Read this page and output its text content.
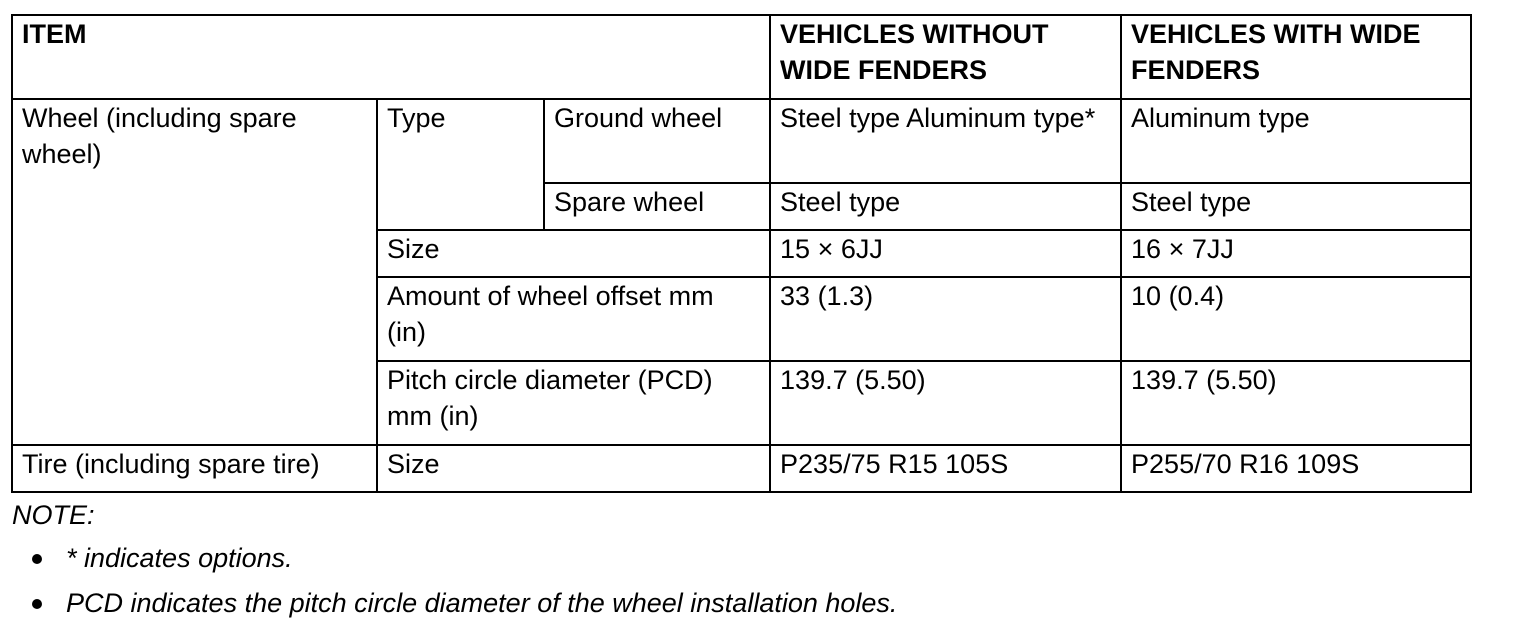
ITEM			VEHICLES WITHOUT WIDE FENDERS	VEHICLES WITH WIDE FENDERS
Wheel (including spare wheel)	Type	Ground wheel	Steel type Aluminum type*	Aluminum type
		Spare wheel	Steel type	Steel type
	Size		15 × 6JJ	16 × 7JJ
	Amount of wheel offset mm (in)		33 (1.3)	10 (0.4)
	Pitch circle diameter (PCD) mm (in)		139.7 (5.50)	139.7 (5.50)
Tire (including spare tire)	Size		P235/75 R15 105S	P255/70 R16 109S
NOTE:
* indicates options.
PCD indicates the pitch circle diameter of the wheel installation holes.
